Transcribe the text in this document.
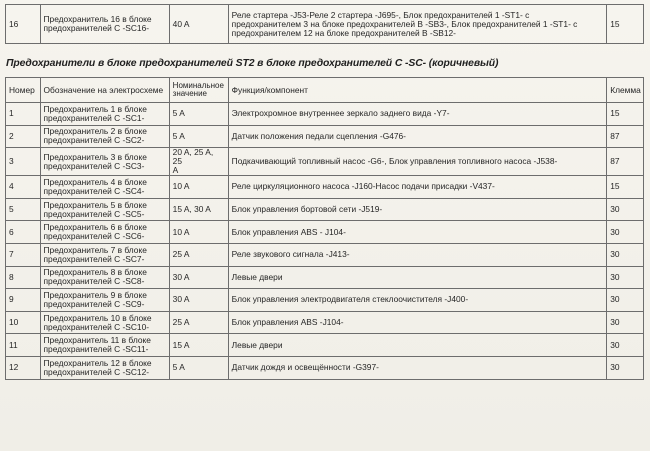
16	Предохранитель 16 в блоке
предохранителей C -SC16-	40 A	Реле стартера -J53-Реле 2 стартера -J695-, Блок предохранителей 1 -ST1- с
предохранителем 3 на блоке предохранителей B -SB3-, Блок предохранителей 1 -ST1- с
предохранителем 12 на блоке предохранителей B -SB12-	15
Предохранители в блоке предохранителей ST2 в блоке предохранителей C -SC- (коричневый)
Номер	Обозначение на электросхеме	Номинальное
значение	Функция/компонент	Клемма
1	Предохранитель 1 в блоке
предохранителей C -SC1-	5 A	Электрохромное внутреннее зеркало заднего вида -Y7-	15
2	Предохранитель 2 в блоке
предохранителей C -SC2-	5 A	Датчик положения педали сцепления -G476-	87
3	Предохранитель 3 в блоке
предохранителей C -SC3-	20 A, 25 A, 25
A	Подкачивающий топливный насос -G6-, Блок управления топливного насоса -J538-	87
4	Предохранитель 4 в блоке
предохранителей C -SC4-	10 A	Реле циркуляционного насоса -J160-Насос подачи присадки -V437-	15
5	Предохранитель 5 в блоке
предохранителей C -SC5-	15 A, 30 A	Блок управления бортовой сети -J519-	30
6	Предохранитель 6 в блоке
предохранителей C -SC6-	10 A	Блок управления ABS - J104-	30
7	Предохранитель 7 в блоке
предохранителей C -SC7-	25 A	Реле звукового сигнала -J413-	30
8	Предохранитель 8 в блоке
предохранителей C -SC8-	30 A	Левые двери	30
9	Предохранитель 9 в блоке
предохранителей C -SC9-	30 A	Блок управления электродвигателя стеклоочистителя -J400-	30
10	Предохранитель 10 в блоке
предохранителей C -SC10-	25 A	Блок управления ABS -J104-	30
11	Предохранитель 11 в блоке
предохранителей C -SC11-	15 A	Левые двери	30
12	Предохранитель 12 в блоке
предохранителей C -SC12-	5 A	Датчик дождя и освещённости -G397-	30
